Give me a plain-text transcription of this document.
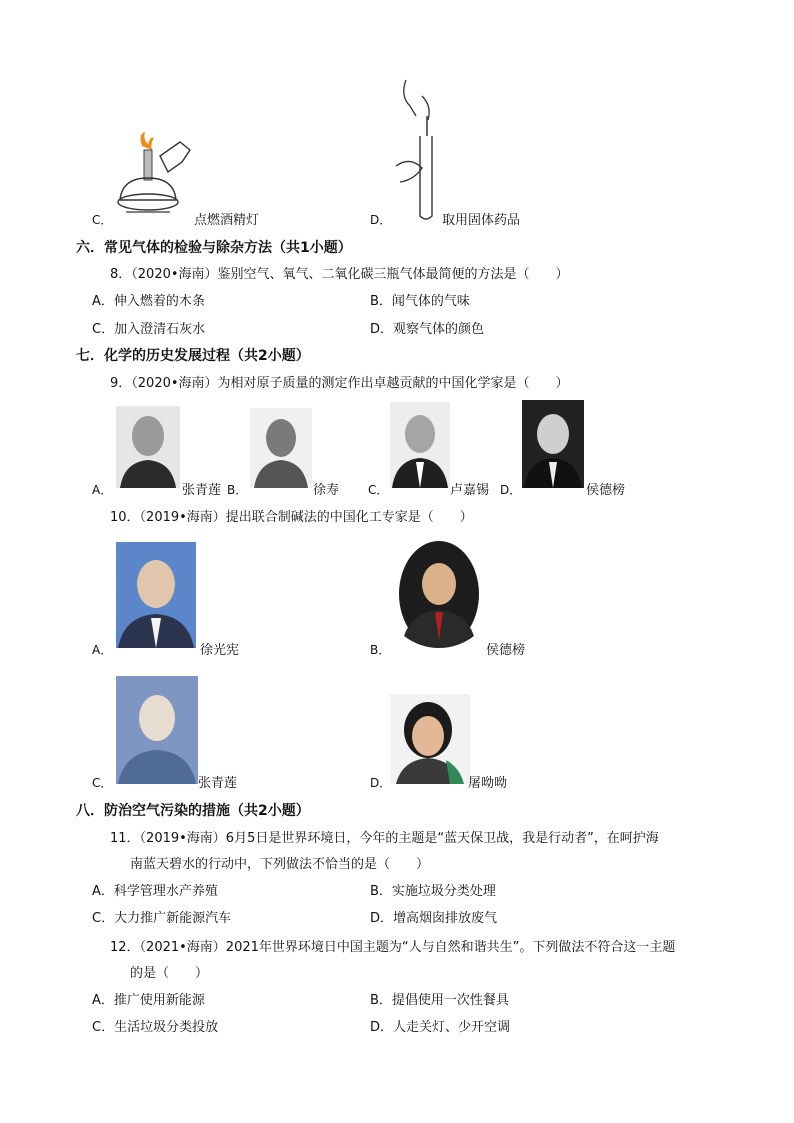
C．	点燃酒精灯	D．	取用固体药品
六．常见气体的检验与除杂方法（共1小题）
8．（2020•海南）鉴别空气、氧气、二氧化碳三瓶气体最简便的方法是（　　）
A．伸入燃着的木条	B．闻气体的气味
C．加入澄清石灰水	D．观察气体的颜色
七．化学的历史发展过程（共2小题）
9．（2020•海南）为相对原子质量的测定作出卓越贡献的中国化学家是（　　）
A．	张青莲 B．	徐寿 C．	卢嘉锡 D．	侯德榜
10．（2019•海南）提出联合制碱法的中国化工专家是（　　）
A．	徐光宪	B．	侯德榜
C．	张青莲	D．	屠呦呦
八．防治空气污染的措施（共2小题）
11．（2019•海南）6月5日是世界环境日，今年的主题是“蓝天保卫战，我是行动者”，在呵护海
南蓝天碧水的行动中，下列做法不恰当的是（　　）
A．科学管理水产养殖	B．实施垃圾分类处理
C．大力推广新能源汽车	D．增高烟囱排放废气
12．（2021•海南）2021年世界环境日中国主题为“人与自然和谐共生”。下列做法不符合这一主题
的是（　　）
A．推广使用新能源	B．提倡使用一次性餐具
C．生活垃圾分类投放	D．人走关灯、少开空调
